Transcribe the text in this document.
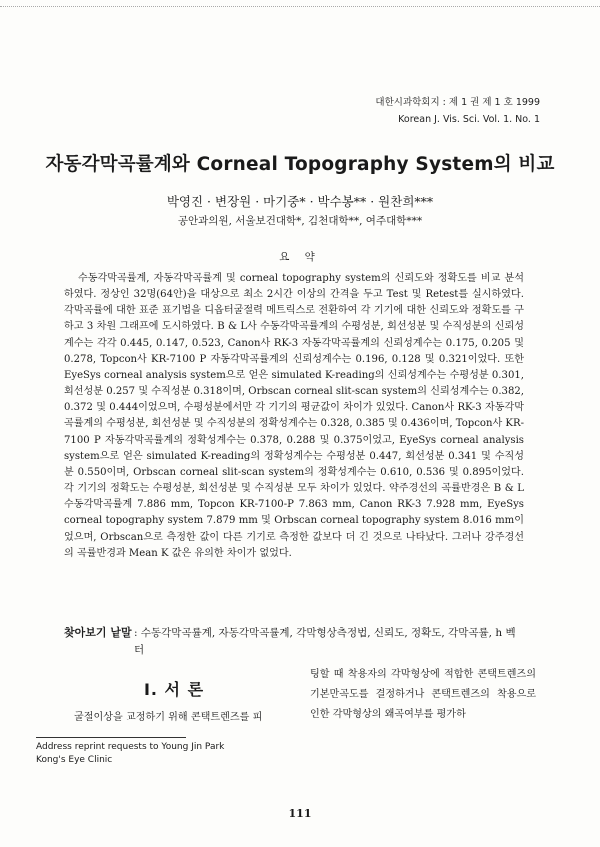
대한시과학회지 : 제 1 권 제 1 호 1999
Korean J. Vis. Sci. Vol. 1. No. 1
자동각막곡률계와 Corneal Topography System의 비교
박영진 · 변장원 · 마기중* · 박수봉** · 원찬희***
공안과의원, 서울보건대학*, 김천대학**, 여주대학***
요 약

수동각막곡률계, 자동각막곡률계 및 corneal topography system의 신뢰도와 정확도를 비교 분석하였다. 정상인 32명(64안)을 대상으로 최소 2시간 이상의 간격을 두고 Test 및 Retest를 실시하였다. 각막곡률에 대한 표준 표기법을 디옵터굴절력 메트릭스로 전환하여 각 기기에 대한 신뢰도와 정확도를 구하고 3 차원 그래프에 도시하였다. B & L사 수동각막곡률계의 수평성분, 회선성분 및 수직성분의 신뢰성계수는 각각 0.445, 0.147, 0.523, Canon사 RK-3 자동각막곡률계의 신뢰성계수는 0.175, 0.205 및 0.278, Topcon사 KR-7100 P 자동각막곡률계의 신뢰성계수는 0.196, 0.128 및 0.321이었다. 또한 EyeSys corneal analysis system으로 얻은 simulated K-reading의 신뢰성계수는 수평성분 0.301, 회선성분 0.257 및 수직성분 0.318이며, Orbscan corneal slit-scan system의 신뢰성계수는 0.382, 0.372 및 0.444이었으며, 수평성분에서만 각 기기의 평균값이 차이가 있었다. Canon사 RK-3 자동각막곡률계의 수평성분, 회선성분 및 수직성분의 정확성계수는 0.328, 0.385 및 0.436이며, Topcon사 KR-7100 P 자동각막곡률계의 정확성계수는 0.378, 0.288 및 0.375이었고, EyeSys corneal analysis system으로 얻은 simulated K-reading의 정확성계수는 수평성분 0.447, 회선성분 0.341 및 수직성분 0.550이며, Orbscan corneal slit-scan system의 정확성계수는 0.610, 0.536 및 0.895이었다. 각 기기의 정확도는 수평성분, 회선성분 및 수직성분 모두 차이가 있었다. 약주경선의 곡률반경은 B & L 수동각막곡률계 7.886 mm, Topcon KR-7100-P 7.863 mm, Canon RK-3 7.928 mm, EyeSys corneal topography system 7.879 mm 및 Orbscan corneal topography system 8.016 mm이었으며, Orbscan으로 측정한 값이 다른 기기로 측정한 값보다 더 긴 것으로 나타났다. 그러나 강주경선의 곡률반경과 Mean K 값은 유의한 차이가 없었다.

찾아보기 낱말 : 수동각막곡률계, 자동각막곡률계, 각막형상측정법, 신뢰도, 정확도, 각막곡률, h 벡터
I. 서 론

굴절이상을 교정하기 위해 콘택트렌즈를 피

팅할 때 착용자의 각막형상에 적합한 콘택트렌즈의 기본만곡도를 결정하거나 콘택트렌즈의 착용으로 인한 각막형상의 왜곡여부를 평가하

Address reprint requests to Young Jin Park
Kong's Eye Clinic
111
